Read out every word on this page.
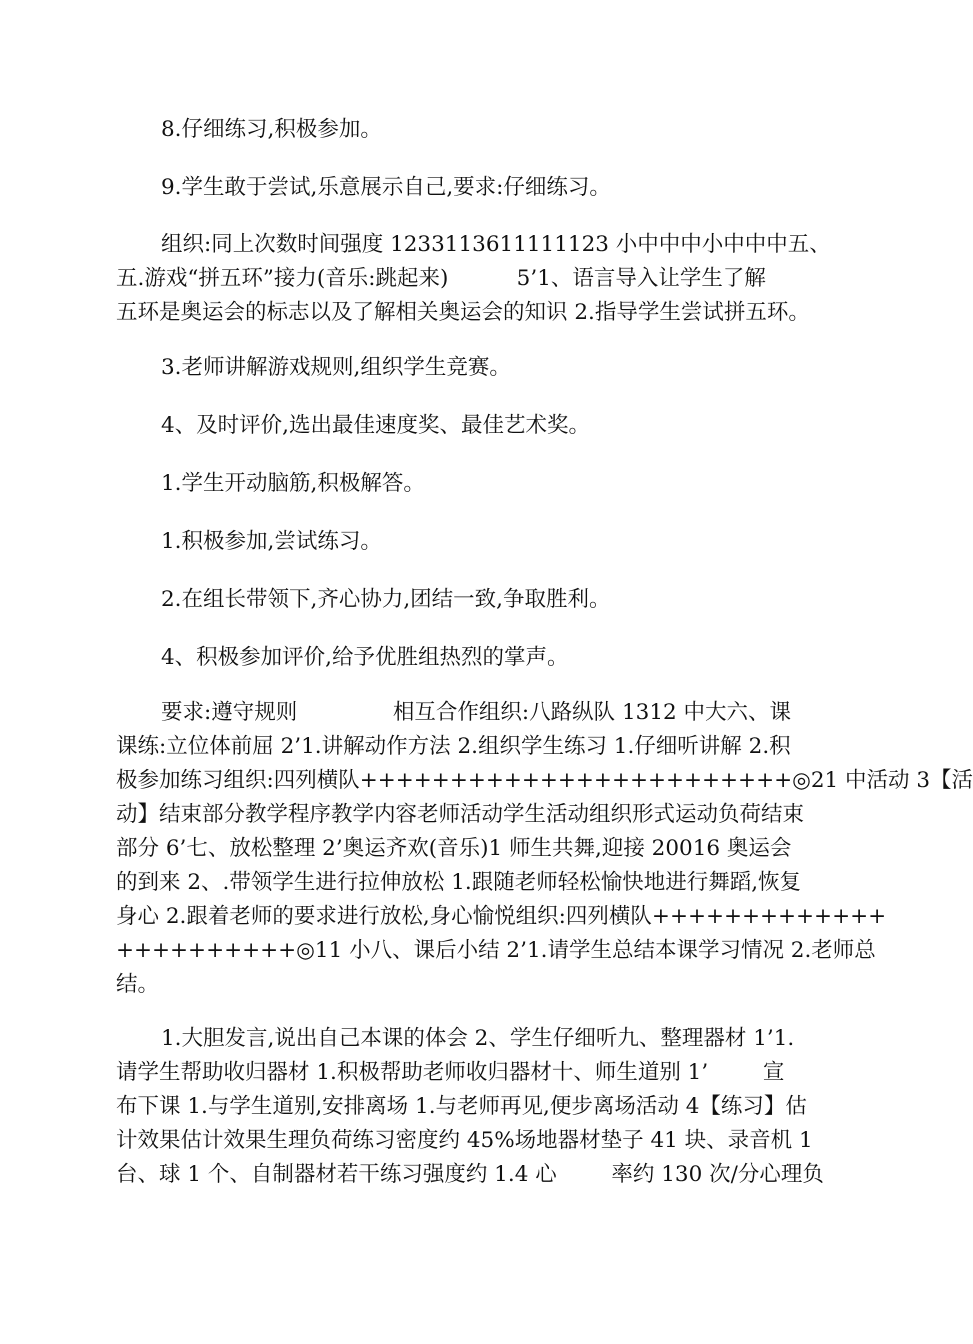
8.仔细练习,积极参加。

9.学生敢于尝试,乐意展示自己,要求:仔细练习。

组织:同上次数时间强度 1233113611111123 小中中中小中中中五、
五.游戏“拼五环”接力(音乐:跳起来)          5’1、语言导入让学生了解
五环是奥运会的标志以及了解相关奥运会的知识 2.指导学生尝试拼五环。

3.老师讲解游戏规则,组织学生竞赛。

4、及时评价,选出最佳速度奖、最佳艺术奖。

1.学生开动脑筋,积极解答。

1.积极参加,尝试练习。

2.在组长带领下,齐心协力,团结一致,争取胜利。

4、积极参加评价,给予优胜组热烈的掌声。

要求:遵守规则              相互合作组织:八路纵队 1312 中大六、课
课练:立位体前屈 2’1.讲解动作方法 2.组织学生练习 1.仔细听讲解 2.积
极参加练习组织:四列横队++++++++++++++++++++++++◎21 中活动 3【活
动】结束部分教学程序教学内容老师活动学生活动组织形式运动负荷结束
部分 6’七、放松整理 2’奥运齐欢(音乐)1 师生共舞,迎接 20016 奥运会
的到来 2、.带领学生进行拉伸放松 1.跟随老师轻松愉快地进行舞蹈,恢复
身心 2.跟着老师的要求进行放松,身心愉悦组织:四列横队+++++++++++++
++++++++++◎11 小八、课后小结 2’1.请学生总结本课学习情况 2.老师总
结。
1.大胆发言,说出自己本课的体会 2、学生仔细听九、整理器材 1’1.
请学生帮助收归器材 1.积极帮助老师收归器材十、师生道别 1’        宣
布下课 1.与学生道别,安排离场 1.与老师再见,便步离场活动 4【练习】估
计效果估计效果生理负荷练习密度约 45%场地器材垫子 41 块、录音机 1
台、球 1 个、自制器材若干练习强度约 1.4 心        率约 130 次/分心理负
